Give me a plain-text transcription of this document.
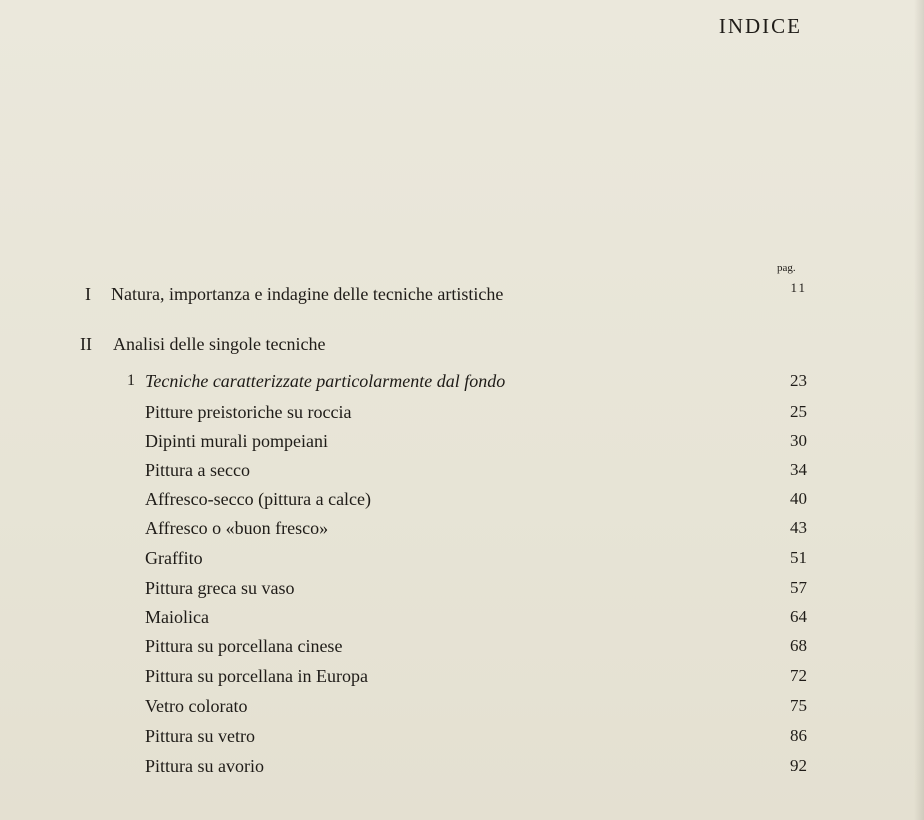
INDICE
pag.
I Natura, importanza e indagine delle tecniche artistiche	11
II Analisi delle singole tecniche
1 Tecniche caratterizzate particolarmente dal fondo	23
Pitture preistoriche su roccia	25
Dipinti murali pompeiani	30
Pittura a secco	34
Affresco-secco (pittura a calce)	40
Affresco o «buon fresco»	43
Graffito	51
Pittura greca su vaso	57
Maiolica	64
Pittura su porcellana cinese	68
Pittura su porcellana in Europa	72
Vetro colorato	75
Pittura su vetro	86
Pittura su avorio	92
